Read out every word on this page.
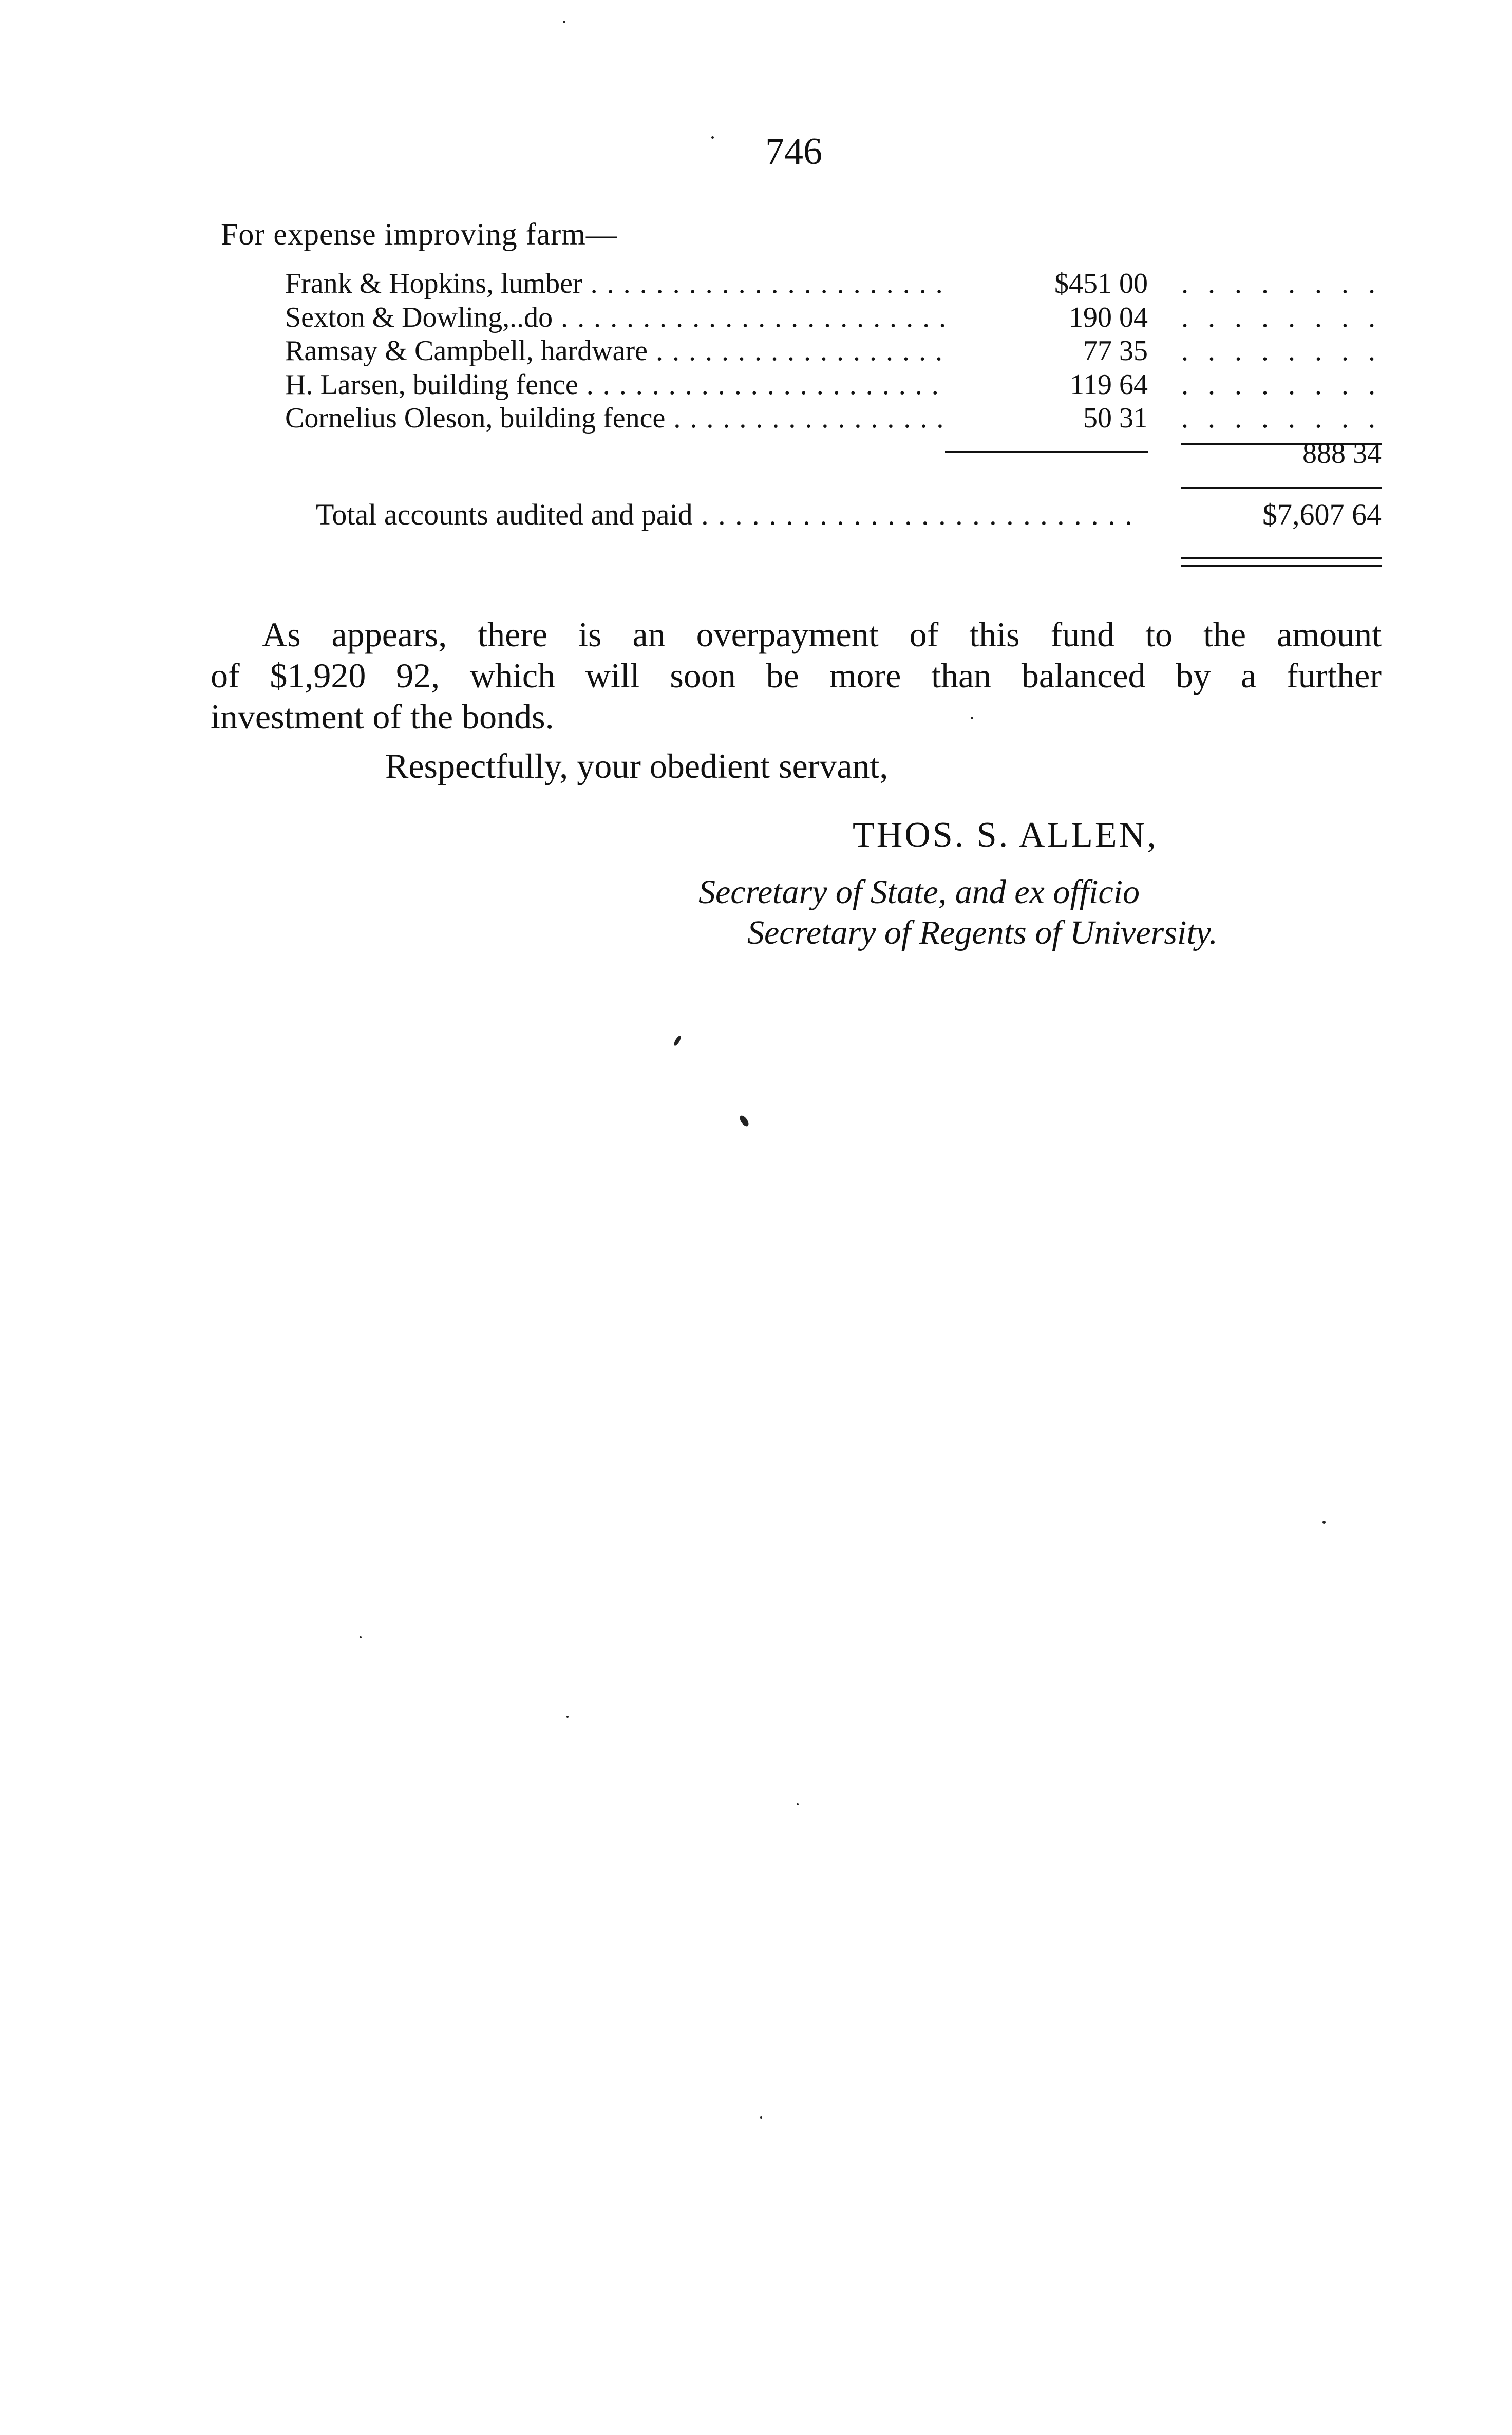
746
For expense improving farm—
Frank & Hopkins, lumber . . .	$451 00
. . .
Sexton & Dowling,..do . . .	190 04
. . .
Ramsay & Campbell, hardware . . .	77 35
. . .
H. Larsen, building fence . . .	119 64
. . .
Cornelius Oleson, building fence . . .	50 31
. . .
888 34
Total accounts audited and paid . . .	$7,607 64
As appears, there is an overpayment of this fund to the amount
of $1,920 92, which will soon be more than balanced by a further
investment of the bonds.
Respectfully, your obedient servant,
THOS. S. ALLEN,
Secretary of State, and ex officio
Secretary of Regents of University.
